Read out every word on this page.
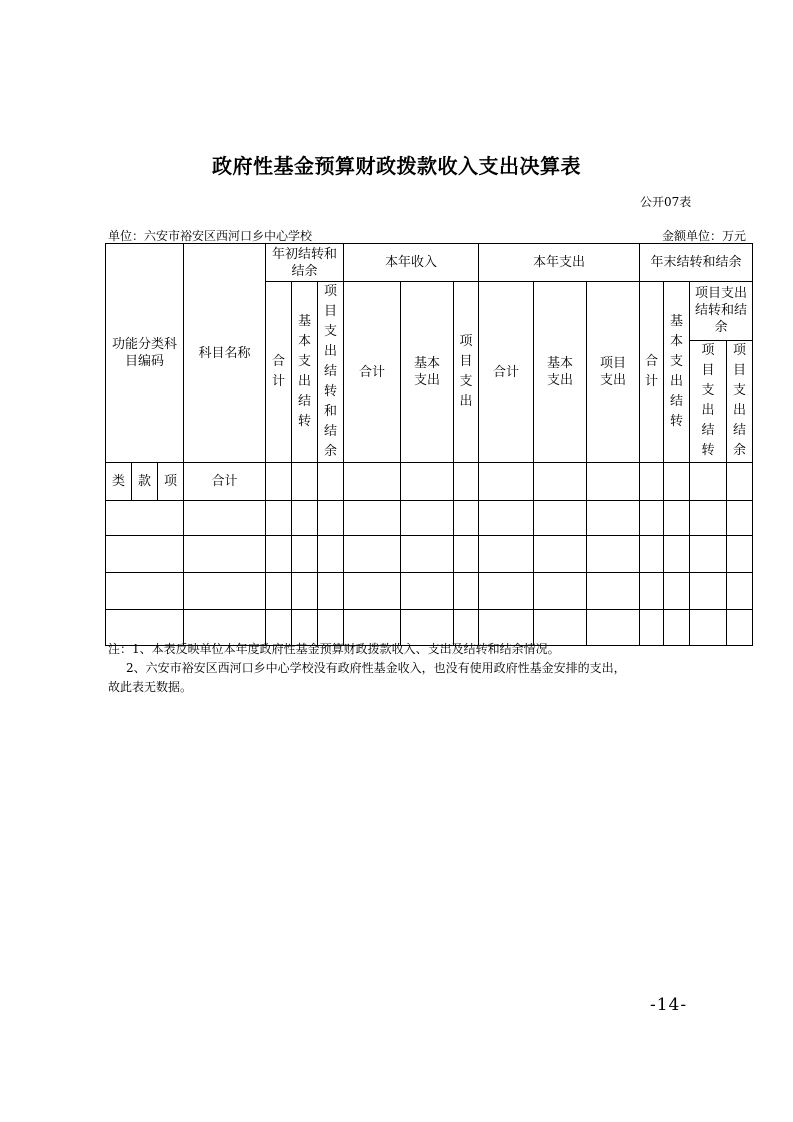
政府性基金预算财政拨款收入支出决算表
公开07表
单位：六安市裕安区西河口乡中心学校	金额单位：万元
功能分类科目编码			科目名称	年初结转和结余			本年收入			本年支出			年末结转和结余			
				合计	基本支出结转	项目支出结转和结余	合计	基本支出	项目支出	合计	基本支出	项目支出	合计	基本支出结转	项目支出结转和结余	

															项目支出结转	项目支出结余
类	款	项	合计													

注：1、本表反映单位本年度政府性基金预算财政拨款收入、支出及结转和结余情况。
2、六安市裕安区西河口乡中心学校没有政府性基金收入，也没有使用政府性基金安排的支出，
故此表无数据。
-14-
